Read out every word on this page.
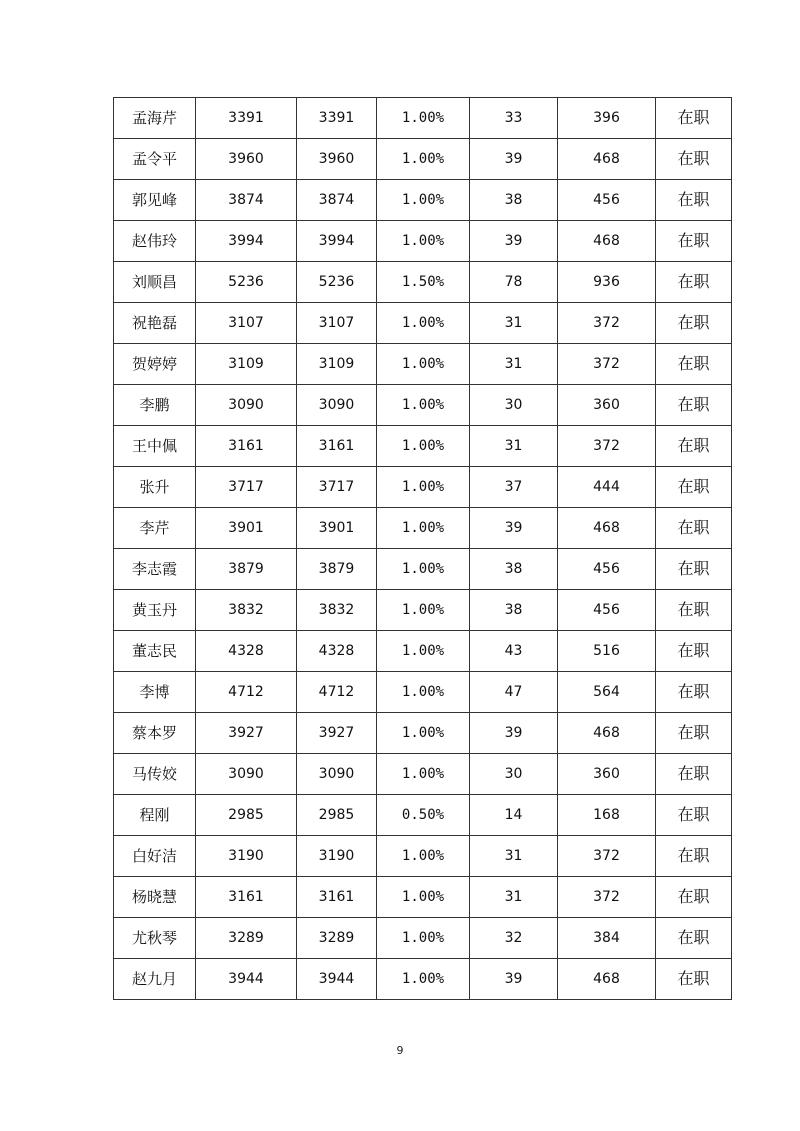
孟海芹	3391	3391	1.00%	33	396	在职
孟令平	3960	3960	1.00%	39	468	在职
郭见峰	3874	3874	1.00%	38	456	在职
赵伟玲	3994	3994	1.00%	39	468	在职
刘顺昌	5236	5236	1.50%	78	936	在职
祝艳磊	3107	3107	1.00%	31	372	在职
贺婷婷	3109	3109	1.00%	31	372	在职
李鹏	3090	3090	1.00%	30	360	在职
王中佩	3161	3161	1.00%	31	372	在职
张升	3717	3717	1.00%	37	444	在职
李芹	3901	3901	1.00%	39	468	在职
李志霞	3879	3879	1.00%	38	456	在职
黄玉丹	3832	3832	1.00%	38	456	在职
董志民	4328	4328	1.00%	43	516	在职
李博	4712	4712	1.00%	47	564	在职
蔡本罗	3927	3927	1.00%	39	468	在职
马传姣	3090	3090	1.00%	30	360	在职
程刚	2985	2985	0.50%	14	168	在职
白好洁	3190	3190	1.00%	31	372	在职
杨晓慧	3161	3161	1.00%	31	372	在职
尤秋琴	3289	3289	1.00%	32	384	在职
赵九月	3944	3944	1.00%	39	468	在职
9
